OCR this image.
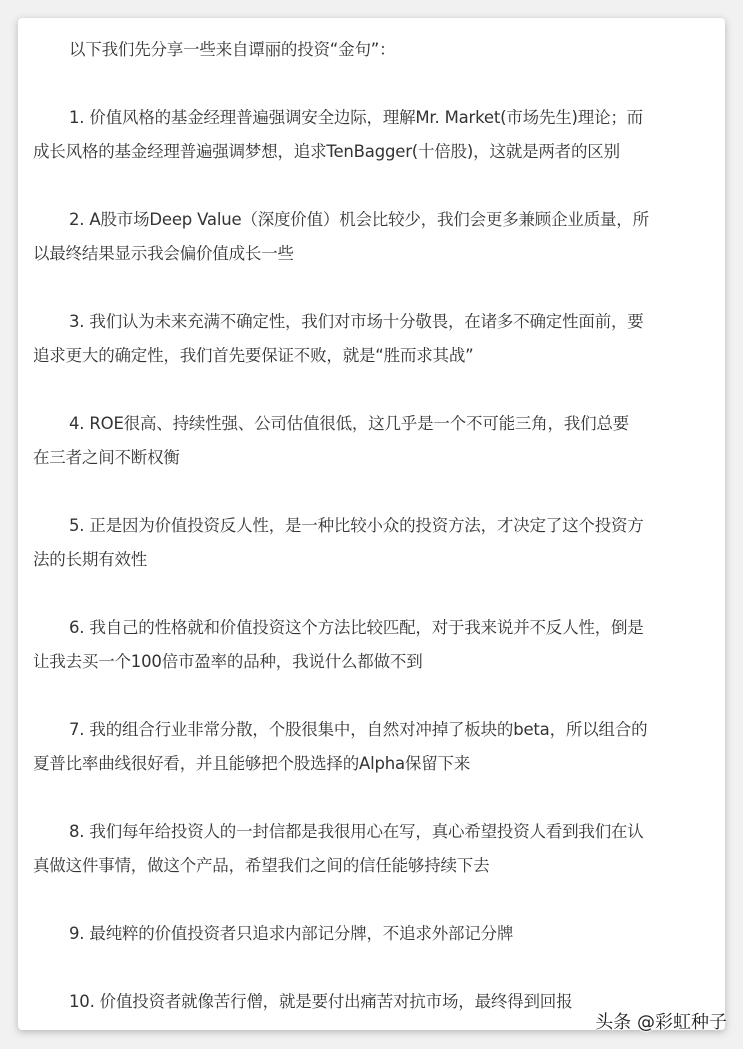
以下我们先分享一些来自谭丽的投资“金句”：

1. 价值风格的基金经理普遍强调安全边际，理解Mr. Market(市场先生)理论；而
成长风格的基金经理普遍强调梦想，追求TenBagger(十倍股)，这就是两者的区别

2. A股市场Deep Value（深度价值）机会比较少，我们会更多兼顾企业质量，所
以最终结果显示我会偏价值成长一些

3. 我们认为未来充满不确定性，我们对市场十分敬畏，在诸多不确定性面前，要
追求更大的确定性，我们首先要保证不败，就是“胜而求其战”

4. ROE很高、持续性强、公司估值很低，这几乎是一个不可能三角，我们总要
在三者之间不断权衡

5. 正是因为价值投资反人性，是一种比较小众的投资方法，才决定了这个投资方
法的长期有效性

6. 我自己的性格就和价值投资这个方法比较匹配，对于我来说并不反人性，倒是
让我去买一个100倍市盈率的品种，我说什么都做不到

7. 我的组合行业非常分散，个股很集中，自然对冲掉了板块的beta，所以组合的
夏普比率曲线很好看，并且能够把个股选择的Alpha保留下来

8. 我们每年给投资人的一封信都是我很用心在写，真心希望投资人看到我们在认
真做这件事情，做这个产品，希望我们之间的信任能够持续下去

9. 最纯粹的价值投资者只追求内部记分牌，不追求外部记分牌

10. 价值投资者就像苦行僧，就是要付出痛苦对抗市场，最终得到回报

头条 @彩虹种子
